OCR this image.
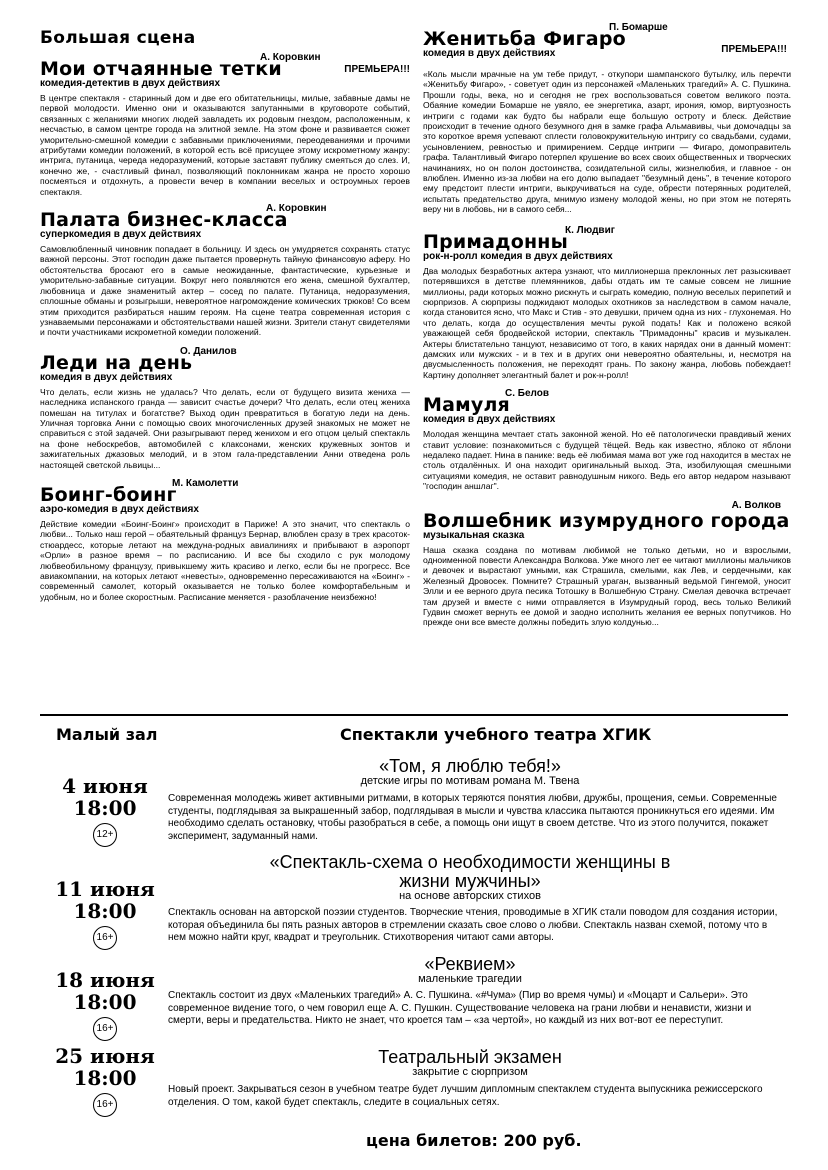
Большая сцена
Мои отчаянные тетки
А. Коровкин
ПРЕМЬЕРА!!!
комедия-детектив в двух действиях

В центре спектакля - старинный дом и две его обитательницы, милые, забавные дамы не первой молодости. Именно они и оказываются запутанными в круговороте событий, связанных с желаниями многих людей завладеть их родовым гнездом, расположенным, к несчастью, в самом центре города на элитной земле. На этом фоне и развивается сюжет уморительно-смешной комедии с забавными приключениями, переодеваниями и прочими атрибутами комедии положений, в которой есть всё присущее этому искрометному жанру: интрига, путаница, череда недоразумений, которые заставят публику смеяться до слез. И, конечно же, - счастливый финал, позволяющий поклонникам жанра не просто хорошо посмеяться и отдохнуть, а провести вечер в компании веселых и остроумных героев спектакля.

Палата бизнес-класса
А. Коровкин
суперкомедия в двух действиях

Самовлюбленный чиновник попадает в больницу. И здесь он умудряется сохранять статус важной персоны. Этот господин даже пытается провернуть тайную финансовую аферу. Но обстоятельства бросают его в самые неожиданные, фантастические, курьезные и уморительно-забавные ситуации. Вокруг него появляются его жена, смешной бухгалтер, любовница и даже знаменитый актер – сосед по палате. Путаница, недоразумения, сплошные обманы и розыгрыши, невероятное нагромождение комических трюков! Со всем этим приходится разбираться нашим героям. На сцене театра современная история с узнаваемыми персонажами и обстоятельствами нашей жизни. Зрители станут свидетелями и почти участниками искрометной комедии положений.

Леди на день
О. Данилов
комедия в двух действиях

Что делать, если жизнь не удалась? Что делать, если от будущего визита жениха — наследника испанского гранда — зависит счастье дочери? Что делать, если отец жениха помешан на титулах и богатстве? Выход один превратиться в богатую леди на день. Уличная торговка Анни с помощью своих многочисленных друзей знакомых не может не справиться с этой задачей. Они разыгрывают перед женихом и его отцом целый спектакль на фоне небоскребов, автомобилей с клаксонами, женских кружевных зонтов и зажигательных джазовых мелодий, и в этом гала-представлении Анни отведена роль настоящей светской львицы...

Боинг-боинг
М. Камолетти
аэро-комедия в двух действиях

Действие комедии «Боинг-Боинг» происходит в Париже! А это значит, что спектакль о любви... Только наш герой – обаятельный француз Бернар, влюблен сразу в трех красоток-стюардесс, которые летают на междуна-родных авиалиниях и прибывают в аэропорт «Орли» в разное время – по расписанию. И все бы сходило с рук молодому любвеобильному французу, привыкшему жить красиво и легко, если бы не прогресс. Все авиакомпании, на которых летают «невесты», одновременно пересаживаются на «Боинг» - современный самолет, который оказывается не только более комфортабельным и удобным, но и более скоростным. Расписание меняется - разоблачение неизбежно!

Женитьба Фигаро
П. Бомарше
ПРЕМЬЕРА!!!
комедия в двух действиях

«Коль мысли мрачные на ум тебе придут, - откупори шампанского бутылку, иль перечти «Женитьбу Фигаро», - советует один из персонажей «Маленьких трагедий» А. С. Пушкина. Прошли годы, века, но и сегодня не грех воспользоваться советом великого поэта. Обаяние комедии Бомарше не увяло, ее энергетика, азарт, ирония, юмор, виртуозность интриги с годами как будто бы набрали еще большую остроту и блеск. Действие происходит в течение одного безумного дня в замке графа Альмавивы, чьи домочадцы за это короткое время успевают сплести головокружительную интригу со свадьбами, судами, усыновлением, ревностью и примирением. Сердце интриги — Фигаро, домоправитель графа. Талантливый Фигаро потерпел крушение во всех своих общественных и творческих начинаниях, но он полон достоинства, созидательной силы, жизнелюбия, и главное - он влюблен. Именно из-за любви на его долю выпадает "безумный день", в течение которого ему предстоит плести интриги, выкручиваться на суде, обрести потерянных родителей, испытать предательство друга, мнимую измену молодой жены, но при этом не потерять веру ни в любовь, ни в самого себя...

Примадонны
К. Людвиг
рок-н-ролл комедия в двух действиях

Два молодых безработных актера узнают, что миллионерша преклонных лет разыскивает потерявшихся в детстве племянников, дабы отдать им те самые совсем не лишние миллионы, ради которых можно рискнуть и сыграть комедию, полную веселых перипетий и сюрпризов. А сюрпризы поджидают молодых охотников за наследством в самом начале, когда становится ясно, что Макс и Стив - это девушки, причем одна из них - глухонемая. Но что делать, когда до осуществления мечты рукой подать! Как и положено всякой уважающей себя бродвейской истории, спектакль "Примадонны" красив и музыкален. Актеры блистательно танцуют, независимо от того, в каких нарядах они в данный момент: дамских или мужских - и в тех и в других они невероятно обаятельны, и, несмотря на двусмысленность положения, не переходят грань. По закону жанра, любовь побеждает! Картину дополняет элегантный балет и рок-н-ролл!

Мамуля
С. Белов
комедия в двух действиях

Молодая женщина мечтает стать законной женой. Но её патологически правдивый жених ставит условие: познакомиться с будущей тёщей. Ведь как известно, яблоко от яблони недалеко падает. Нина в панике: ведь её любимая мама вот уже год находится в местах не столь отдалённых. И она находит оригинальный выход. Эта, изобилующая смешными ситуациями комедия, не оставит равнодушным никого. Ведь его автор недаром называют "господин аншлаг".

А. Волков
Волшебник изумрудного города
музыкальная сказка

Наша сказка создана по мотивам любимой не только детьми, но и взрослыми, одноименной повести Александра Волкова. Уже много лет ее читают миллионы мальчиков и девочек и вырастают умными, как Страшила, смелыми, как Лев, и сердечными, как Железный Дровосек. Помните? Страшный ураган, вызванный ведьмой Гингемой, уносит Элли и ее верного друга песика Тотошку в Волшебную Страну. Смелая девочка встречает там друзей и вместе с ними отправляется в Изумрудный город, весь только Великий Гудвин сможет вернуть ее домой и заодно исполнить желания ее верных попутчиков. Но прежде они все вместе должны победить злую колдунью...

Малый зал	Спектакли учебного театра ХГИК
4 июня
18:00
12+
«Том, я люблю тебя!»
детские игры по мотивам романа М. Твена
Современная молодежь живет активными ритмами, в которых теряются понятия любви, дружбы, прощения, семьи. Современные студенты, подглядывая за выкрашенный забор, подглядывая в мысли и чувства классика пытаются проникнуться его идеями. Им необходимо сделать остановку, чтобы разобраться в себе, а помощь они ищут в своем детстве. Что из этого получится, покажет эксперимент, задуманный нами.
11 июня
18:00
16+
«Спектакль-схема о необходимости женщины в жизни мужчины»
на основе авторских стихов
Спектакль основан на авторской поэзии студентов. Творческие чтения, проводимые в ХГИК стали поводом для создания истории, которая объединила бы пять разных авторов в стремлении сказать свое слово о любви. Спектакль назван схемой, потому что в нем можно найти круг, квадрат и треугольник. Стихотворения читают сами авторы.
18 июня
18:00
16+
«Реквием»
маленькие трагедии
Спектакль состоит из двух «Маленьких трагедий» А. С. Пушкина. «#Чума» (Пир во время чумы) и «Моцарт и Сальери». Это современное видение того, о чем говорил еще А. С. Пушкин. Существование человека на грани любви и ненависти, жизни и смерти, веры и предательства. Никто не знает, что кроется там – «за чертой», но каждый из них вот-вот ее переступит.
25 июня
18:00
16+
Театральный экзамен
закрытие с сюрпризом
Новый проект. Закрываться сезон в учебном театре будет лучшим дипломным спектаклем студента выпускника режиссерского отделения. О том, какой будет спектакль, следите в социальных сетях.
цена билетов: 200 руб.
